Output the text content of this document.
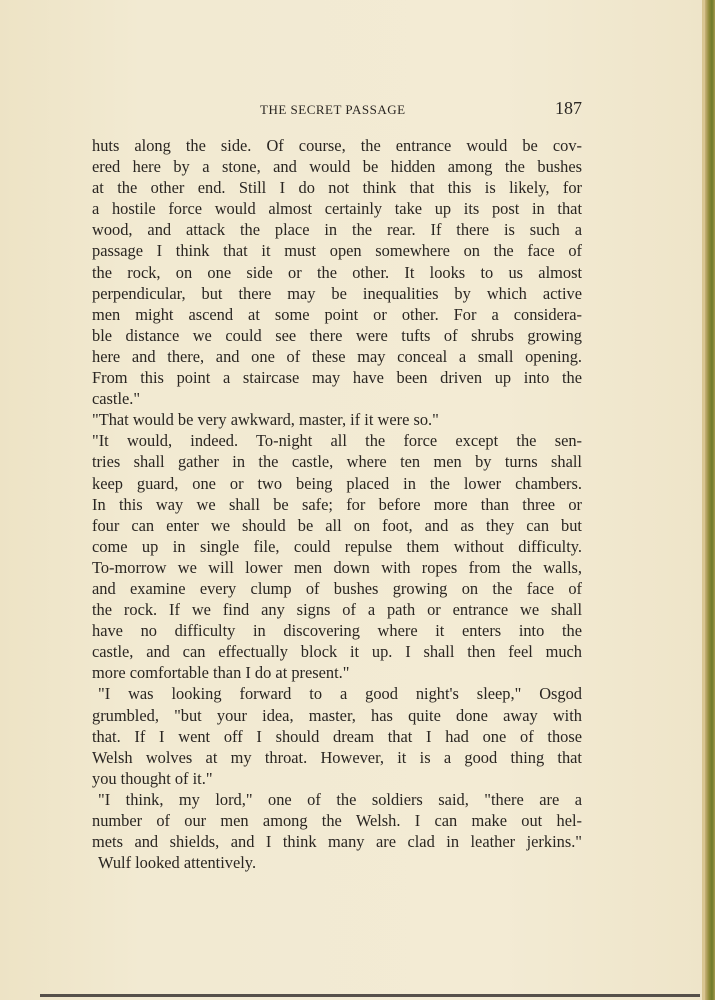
THE SECRET PASSAGE	187
huts along the side. Of course, the entrance would be cov-
ered here by a stone, and would be hidden among the bushes
at the other end. Still I do not think that this is likely, for
a hostile force would almost certainly take up its post in that
wood, and attack the place in the rear. If there is such a
passage I think that it must open somewhere on the face of
the rock, on one side or the other. It looks to us almost
perpendicular, but there may be inequalities by which active
men might ascend at some point or other. For a considera-
ble distance we could see there were tufts of shrubs growing
here and there, and one of these may conceal a small opening.
From this point a staircase may have been driven up into the
castle."
"That would be very awkward, master, if it were so."
"It would, indeed. To-night all the force except the sen-
tries shall gather in the castle, where ten men by turns shall
keep guard, one or two being placed in the lower chambers.
In this way we shall be safe; for before more than three or
four can enter we should be all on foot, and as they can but
come up in single file, could repulse them without difficulty.
To-morrow we will lower men down with ropes from the walls,
and examine every clump of bushes growing on the face of
the rock. If we find any signs of a path or entrance we shall
have no difficulty in discovering where it enters into the
castle, and can effectually block it up. I shall then feel much
more comfortable than I do at present."
"I was looking forward to a good night's sleep," Osgod
grumbled, "but your idea, master, has quite done away with
that. If I went off I should dream that I had one of those
Welsh wolves at my throat. However, it is a good thing that
you thought of it."
"I think, my lord," one of the soldiers said, "there are a
number of our men among the Welsh. I can make out hel-
mets and shields, and I think many are clad in leather jerkins."
Wulf looked attentively.
